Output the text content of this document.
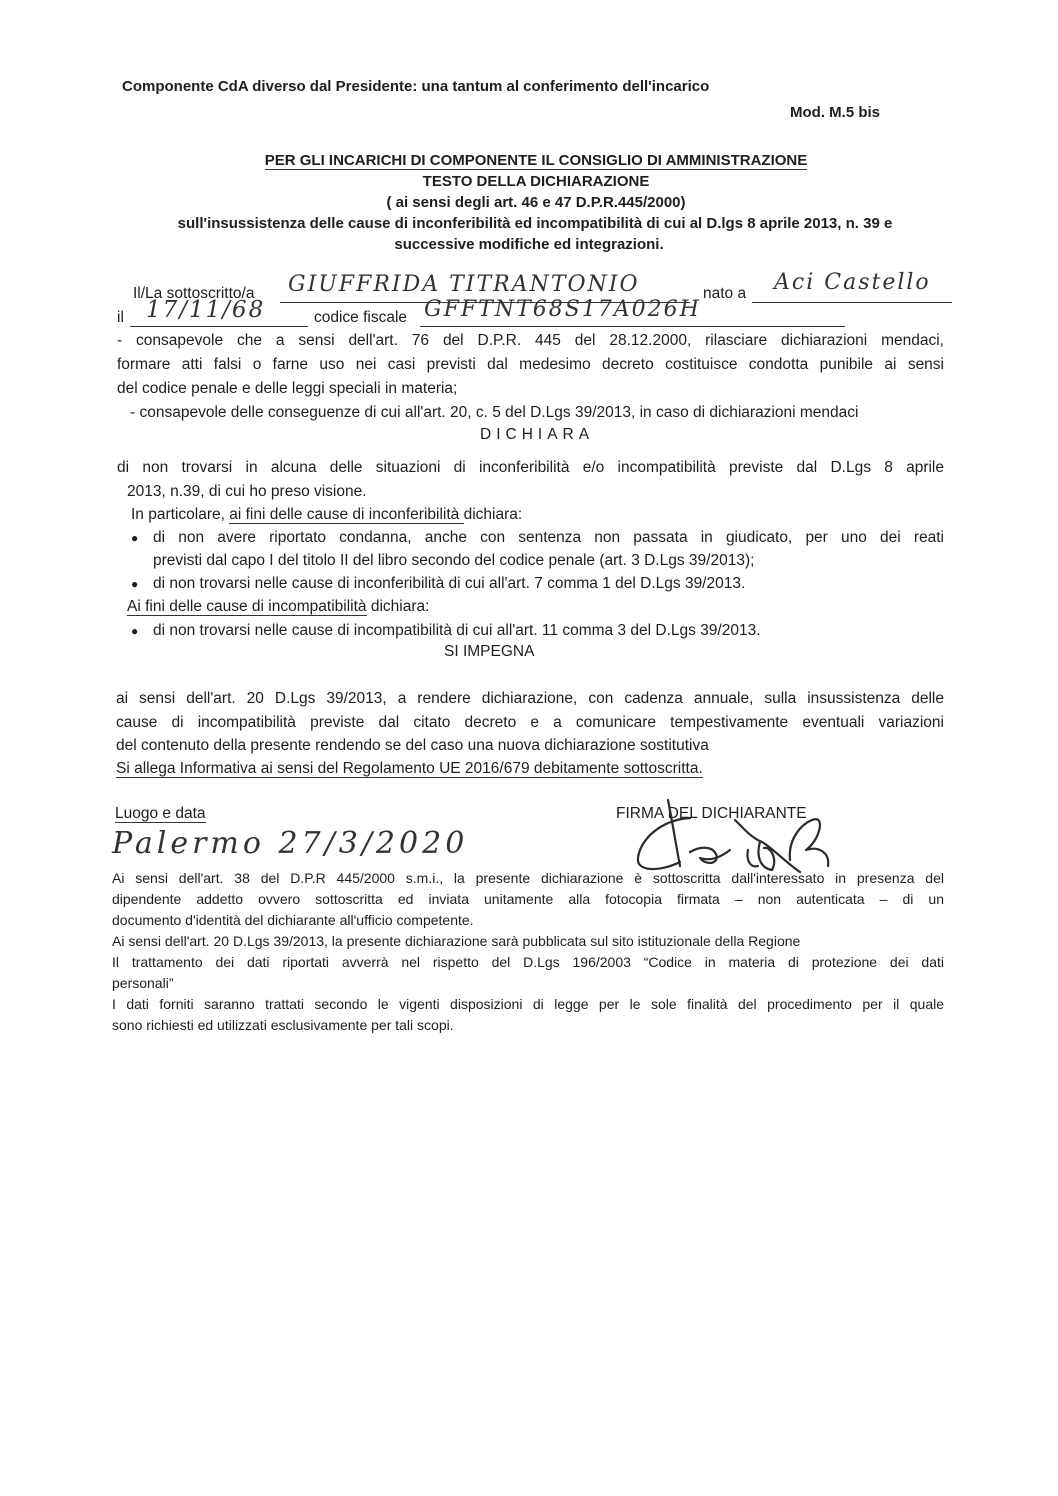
Componente CdA diverso dal Presidente: una tantum al conferimento dell'incarico
Mod. M.5 bis
PER GLI INCARICHI DI COMPONENTE IL CONSIGLIO DI AMMINISTRAZIONE
TESTO DELLA DICHIARAZIONE
( ai sensi degli art. 46 e 47 D.P.R.445/2000)
sull'insussistenza delle cause di inconferibilità ed incompatibilità di cui al D.lgs 8 aprile 2013, n. 39 e
successive modifiche ed integrazioni.
Il/La sottoscritto/a GIUFFRIDA TITRANTONIO	nato a Aci Castello
il 17/11/68	codice fiscale GFFTNT68S17A026H
- consapevole che a sensi dell'art. 76 del D.P.R. 445 del 28.12.2000, rilasciare dichiarazioni mendaci,
formare atti falsi o farne uso nei casi previsti dal medesimo decreto costituisce condotta punibile ai sensi
del codice penale e delle leggi speciali in materia;
- consapevole delle conseguenze di cui all'art. 20, c. 5 del D.Lgs 39/2013, in caso di dichiarazioni mendaci
DICHIARA
di non trovarsi in alcuna delle situazioni di inconferibilità e/o incompatibilità previste dal D.Lgs 8 aprile
2013, n.39, di cui ho preso visione.
In particolare, ai fini delle cause di inconferibilità dichiara:
● di non avere riportato condanna, anche con sentenza non passata in giudicato, per uno dei reati
previsti dal capo I del titolo II del libro secondo del codice penale (art. 3 D.Lgs 39/2013);
● di non trovarsi nelle cause di inconferibilità di cui all'art. 7 comma 1 del D.Lgs 39/2013.
Ai fini delle cause di incompatibilità dichiara:
● di non trovarsi nelle cause di incompatibilità di cui all'art. 11 comma 3 del D.Lgs 39/2013.
SI IMPEGNA
ai sensi dell'art. 20 D.Lgs 39/2013, a rendere dichiarazione, con cadenza annuale, sulla insussistenza delle
cause di incompatibilità previste dal citato decreto e a comunicare tempestivamente eventuali variazioni
del contenuto della presente rendendo se del caso una nuova dichiarazione sostitutiva
Si allega Informativa ai sensi del Regolamento UE 2016/679 debitamente sottoscritta.
Luogo e data
Palermo 27/3/2020
FIRMA DEL DICHIARANTE
Ai sensi dell'art. 38 del D.P.R 445/2000 s.m.i., la presente dichiarazione è sottoscritta dall'interessato in presenza del
dipendente addetto ovvero sottoscritta ed inviata unitamente alla fotocopia firmata – non autenticata – di un
documento d'identità del dichiarante all'ufficio competente.
Ai sensi dell'art. 20 D.Lgs 39/2013, la presente dichiarazione sarà pubblicata sul sito istituzionale della Regione
Il trattamento dei dati riportati avverrà nel rispetto del D.Lgs 196/2003 “Codice in materia di protezione dei dati
personali”
I dati forniti saranno trattati secondo le vigenti disposizioni di legge per le sole finalità del procedimento per il quale
sono richiesti ed utilizzati esclusivamente per tali scopi.
